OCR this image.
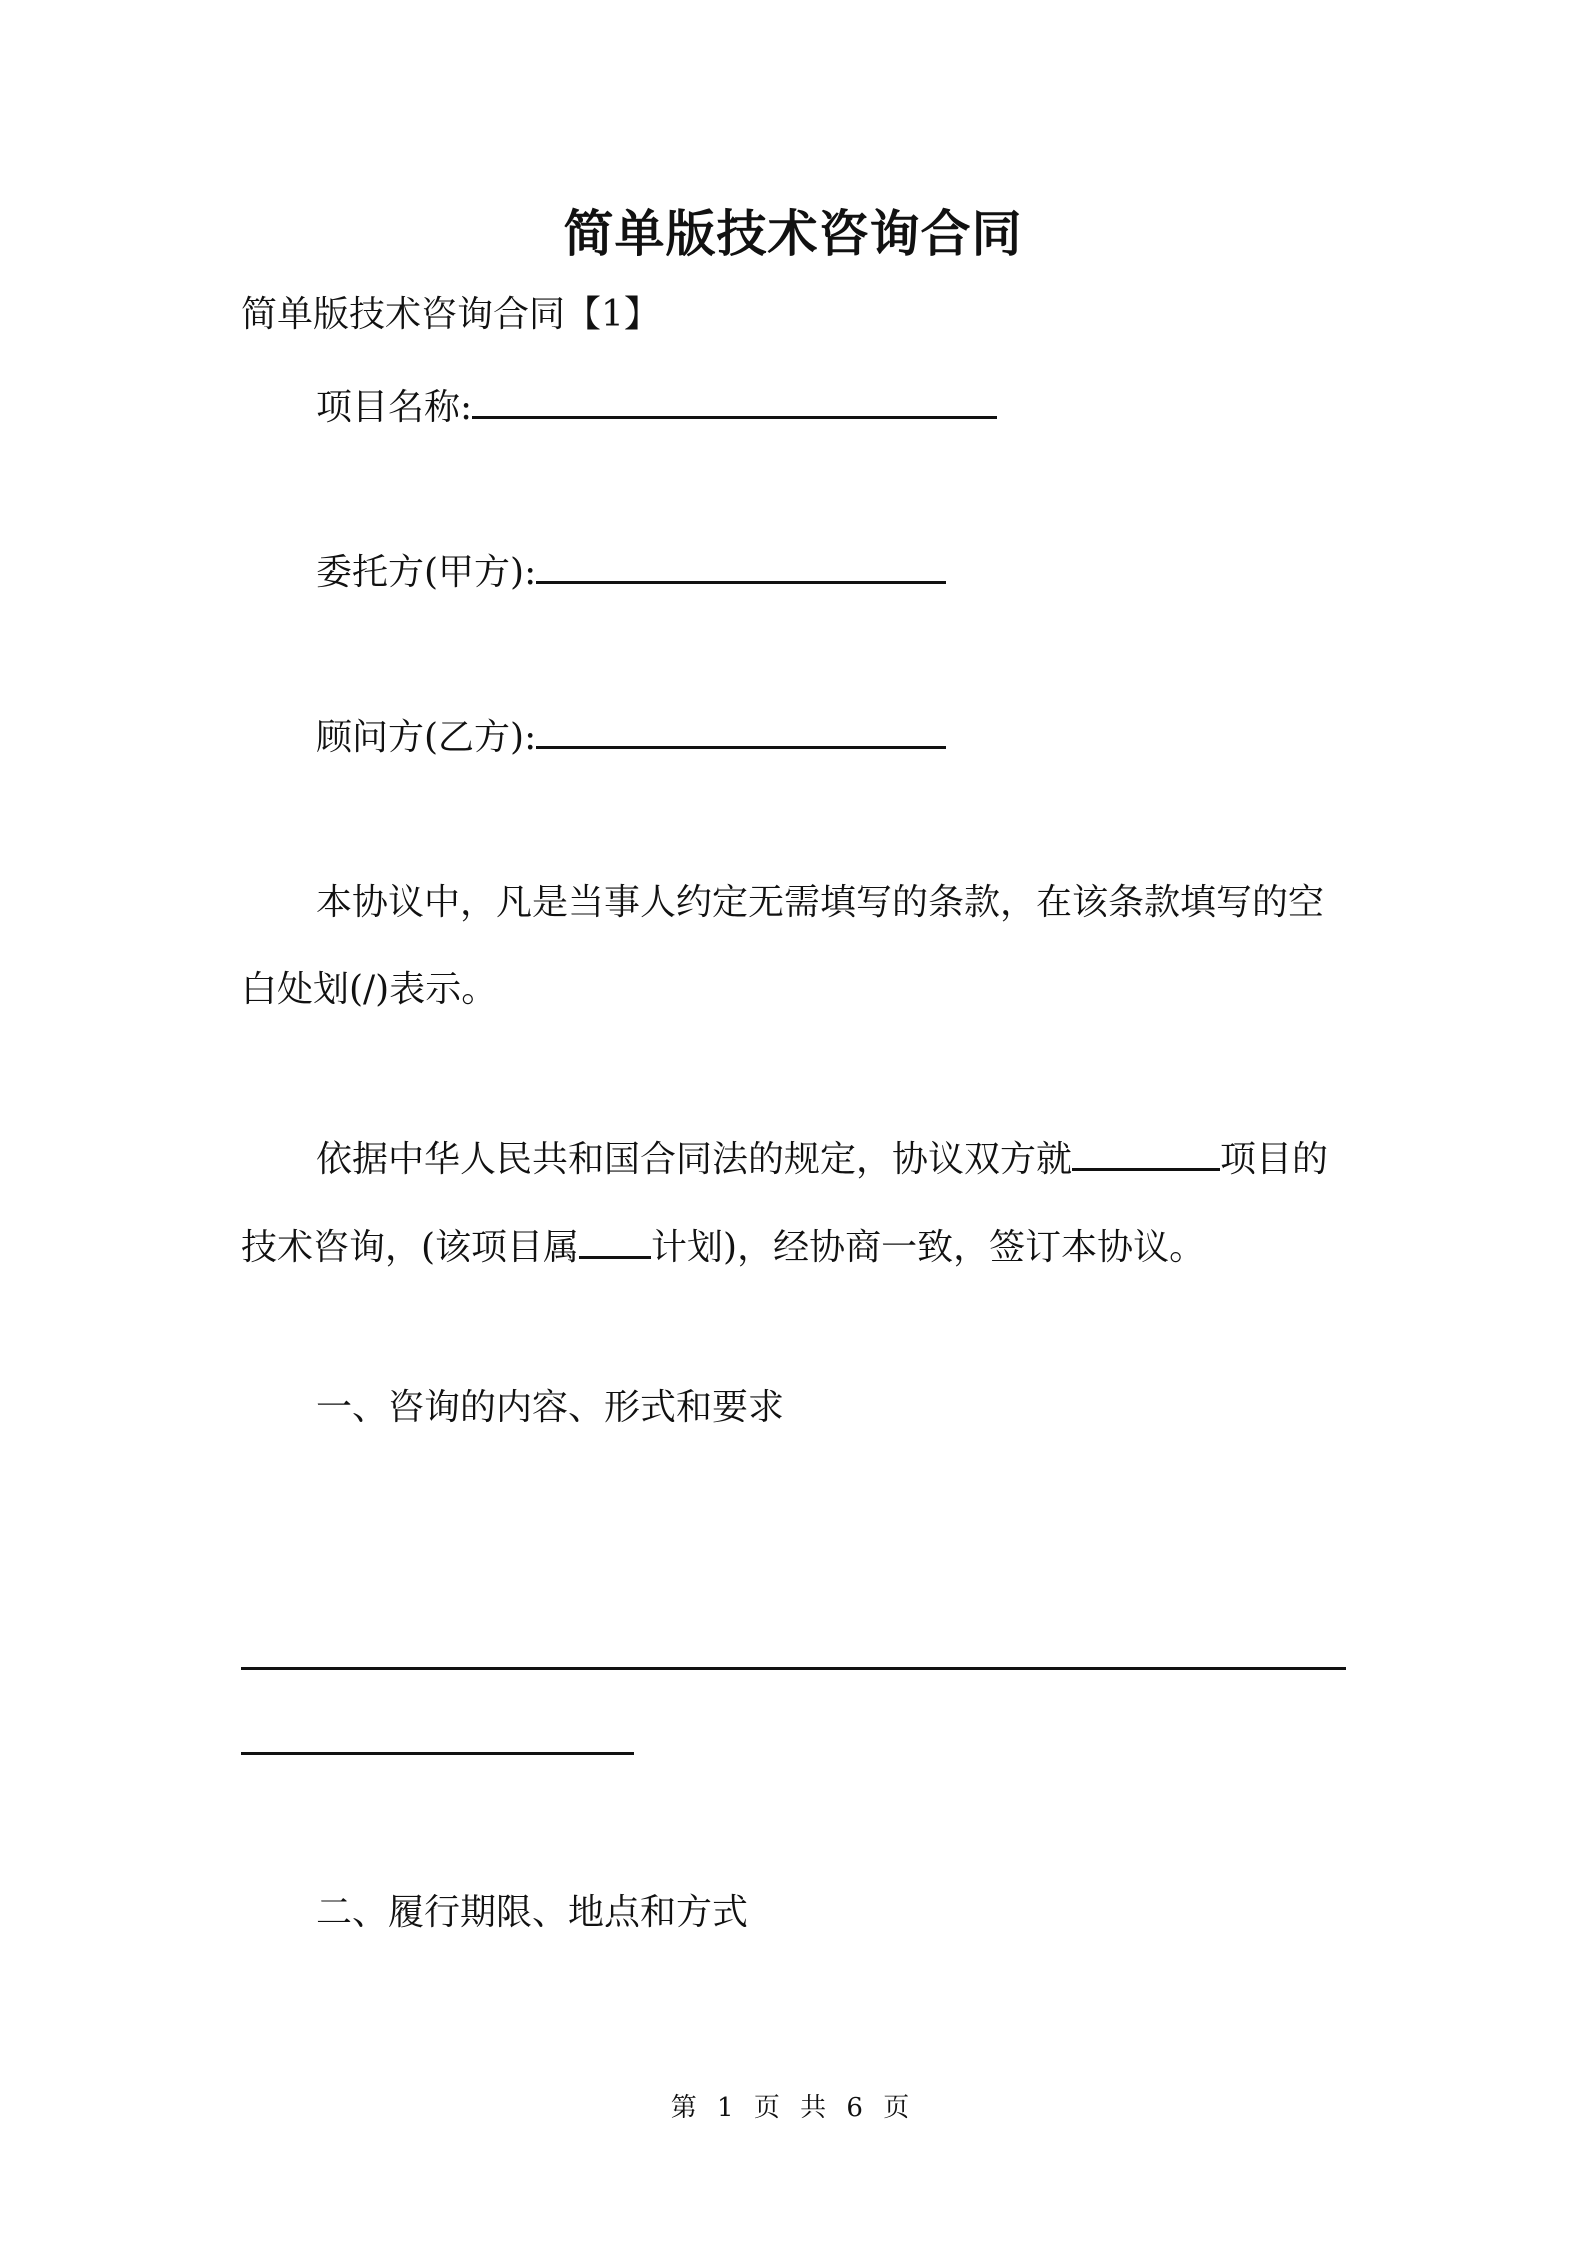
简单版技术咨询合同
简单版技术咨询合同【1】
项目名称:
委托方(甲方):
顾问方(乙方):
本协议中，凡是当事人约定无需填写的条款，在该条款填写的空
白处划(/)表示。
依据中华人民共和国合同法的规定，协议双方就	项目的
技术咨询，(该项目属 计划)，经协商一致，签订本协议。
一、咨询的内容、形式和要求
二、履行期限、地点和方式
第 1 页 共 6 页
